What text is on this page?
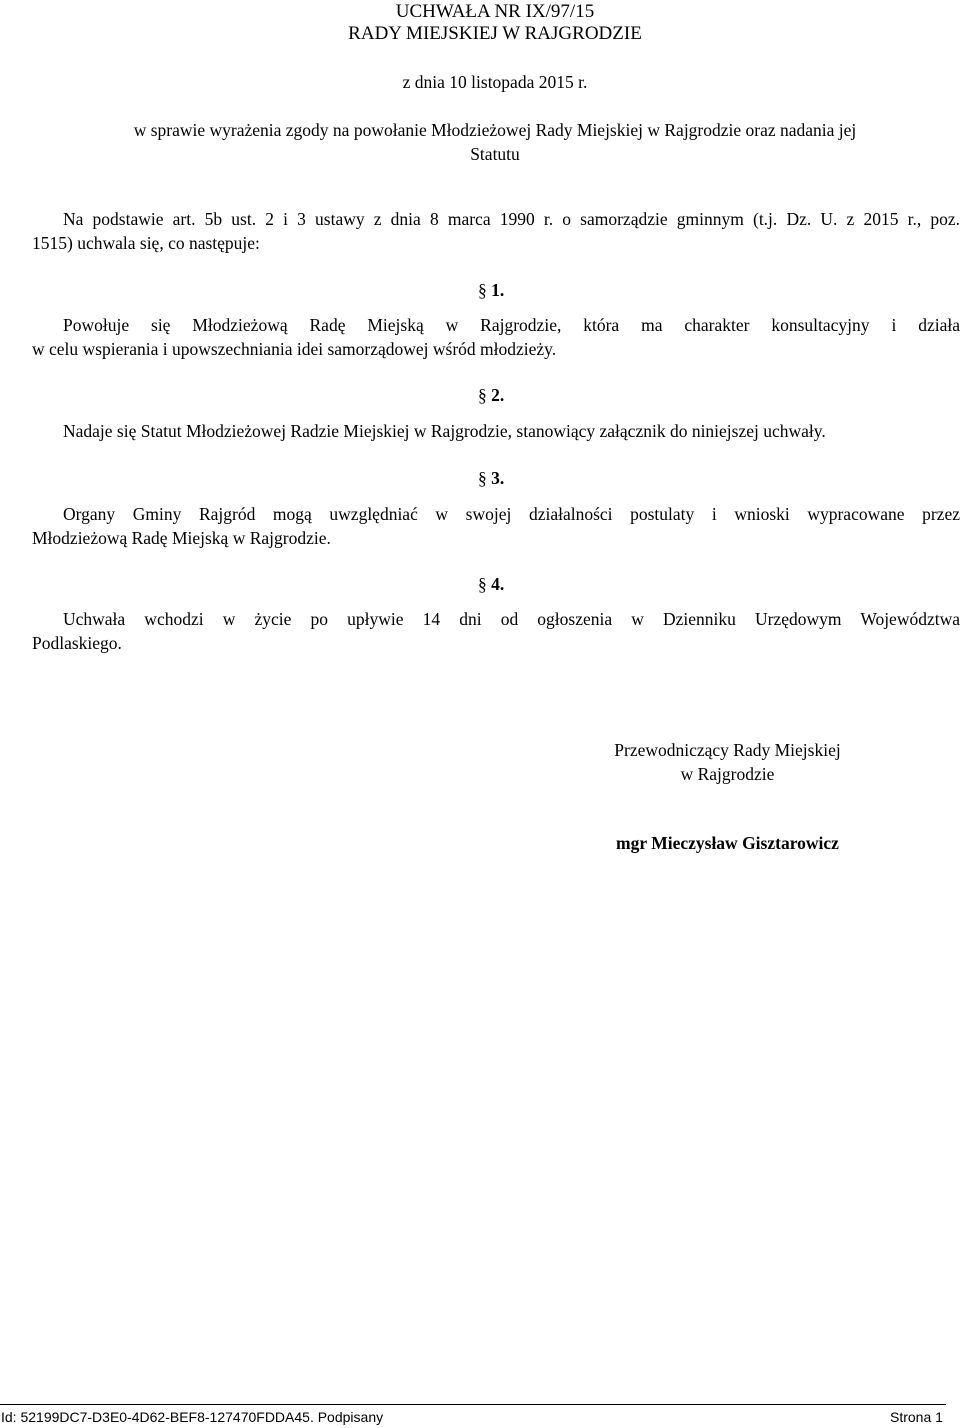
UCHWAŁA NR IX/97/15
RADY MIEJSKIEJ W RAJGRODZIE
z dnia 10 listopada 2015 r.
w sprawie wyrażenia zgody na powołanie Młodzieżowej Rady Miejskiej w Rajgrodzie oraz nadania jej
Statutu
Na podstawie art. 5b ust. 2 i 3 ustawy z dnia 8 marca 1990 r. o samorządzie gminnym (t.j. Dz. U. z 2015 r., poz.
1515) uchwala się, co następuje:
§ 1.
Powołuje się Młodzieżową Radę Miejską w Rajgrodzie, która ma charakter konsultacyjny i działa
w celu wspierania i upowszechniania idei samorządowej wśród młodzieży.
§ 2.
Nadaje się Statut Młodzieżowej Radzie Miejskiej w Rajgrodzie, stanowiący załącznik do niniejszej uchwały.
§ 3.
Organy Gminy Rajgród mogą uwzględniać w swojej działalności postulaty i wnioski wypracowane przez
Młodzieżową Radę Miejską w Rajgrodzie.
§ 4.
Uchwała wchodzi w życie po upływie 14 dni od ogłoszenia w Dzienniku Urzędowym Województwa
Podlaskiego.
Przewodniczący Rady Miejskiej
w Rajgrodzie
mgr Mieczysław Gisztarowicz
Id: 52199DC7-D3E0-4D62-BEF8-127470FDDA45. Podpisany	Strona 1
